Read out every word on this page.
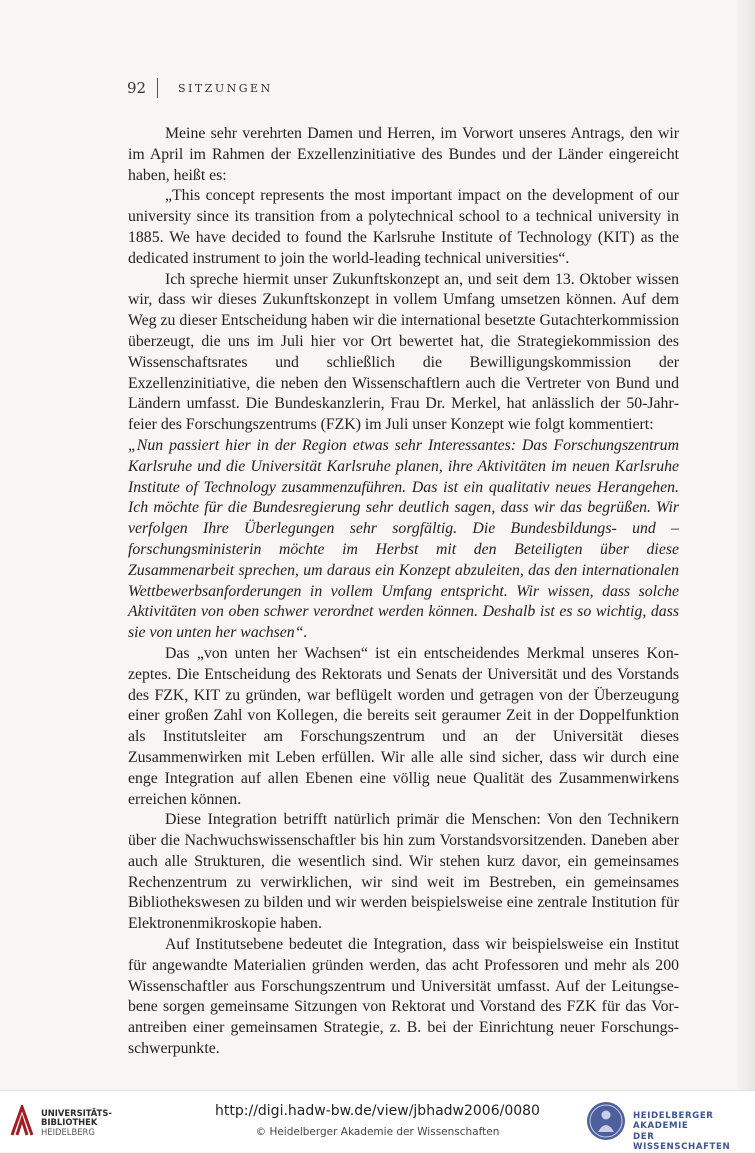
92	SITZUNGEN

Meine sehr verehrten Damen und Herren, im Vorwort unseres Antrags, den wir im April im Rahmen der Exzellenzinitiative des Bundes und der Länder eingereicht haben, heißt es:

„This concept represents the most important impact on the development of our university since its transition from a polytechnical school to a technical university in 1885. We have decided to found the Karlsruhe Institute of Technology (KIT) as the dedicated instrument to join the world-leading technical universities“.

Ich spreche hiermit unser Zukunftskonzept an, und seit dem 13. Oktober wissen wir, dass wir dieses Zukunftskonzept in vollem Umfang umsetzen können. Auf dem Weg zu dieser Entscheidung haben wir die international besetzte Gutachterkommission überzeugt, die uns im Juli hier vor Ort bewertet hat, die Strategiekommission des Wissenschaftsrates und schließlich die Bewilligungskommission der Exzellenzinitiative, die neben den Wissenschaftlern auch die Vertreter von Bund und Ländern umfasst. Die Bundeskanzlerin, Frau Dr. Merkel, hat anlässlich der 50-Jahrfeier des Forschungszentrums (FZK) im Juli unser Konzept wie folgt kommentiert:

„Nun passiert hier in der Region etwas sehr Interessantes: Das Forschungszentrum Karlsruhe und die Universität Karlsruhe planen, ihre Aktivitäten im neuen Karlsruhe Institute of Technology zusammenzuführen. Das ist ein qualitativ neues Herangehen. Ich möchte für die Bundesregierung sehr deutlich sagen, dass wir das begrüßen. Wir verfolgen Ihre Überlegungen sehr sorgfältig. Die Bundesbildungs- und –forschungsministerin möchte im Herbst mit den Beteiligten über diese Zusammenarbeit sprechen, um daraus ein Konzept abzuleiten, das den internationalen Wettbewerbsanforderungen in vollem Umfang entspricht. Wir wissen, dass solche Aktivitäten von oben schwer verordnet werden können. Deshalb ist es so wichtig, dass sie von unten her wachsen“.

Das „von unten her Wachsen“ ist ein entscheidendes Merkmal unseres Konzeptes. Die Entscheidung des Rektorats und Senats der Universität und des Vorstands des FZK, KIT zu gründen, war beflügelt worden und getragen von der Überzeugung einer großen Zahl von Kollegen, die bereits seit geraumer Zeit in der Doppelfunktion als Institutsleiter am Forschungszentrum und an der Universität dieses Zusammenwirken mit Leben erfüllen. Wir alle alle sind sicher, dass wir durch eine enge Integration auf allen Ebenen eine völlig neue Qualität des Zusammenwirkens erreichen können.

Diese Integration betrifft natürlich primär die Menschen: Von den Technikern über die Nachwuchswissenschaftler bis hin zum Vorstandsvorsitzenden. Daneben aber auch alle Strukturen, die wesentlich sind. Wir stehen kurz davor, ein gemeinsames Rechenzentrum zu verwirklichen, wir sind weit im Bestreben, ein gemeinsames Bibliothekswesen zu bilden und wir werden beispielsweise eine zentrale Institution für Elektronenmikroskopie haben.

Auf Institutsebene bedeutet die Integration, dass wir beispielsweise ein Institut für angewandte Materialien gründen werden, das acht Professoren und mehr als 200 Wissenschaftler aus Forschungszentrum und Universität umfasst. Auf der Leitungsebene sorgen gemeinsame Sitzungen von Rektorat und Vorstand des FZK für das Vorantreiben einer gemeinsamen Strategie, z. B. bei der Einrichtung neuer Forschungsschwerpunkte.

UNIVERSITÄTS-
BIBLIOTHEK
HEIDELBERG
http://digi.hadw-bw.de/view/jbhadw2006/0080
© Heidelberger Akademie der Wissenschaften
HEIDELBERGER AKADEMIE
DER WISSENSCHAFTEN
